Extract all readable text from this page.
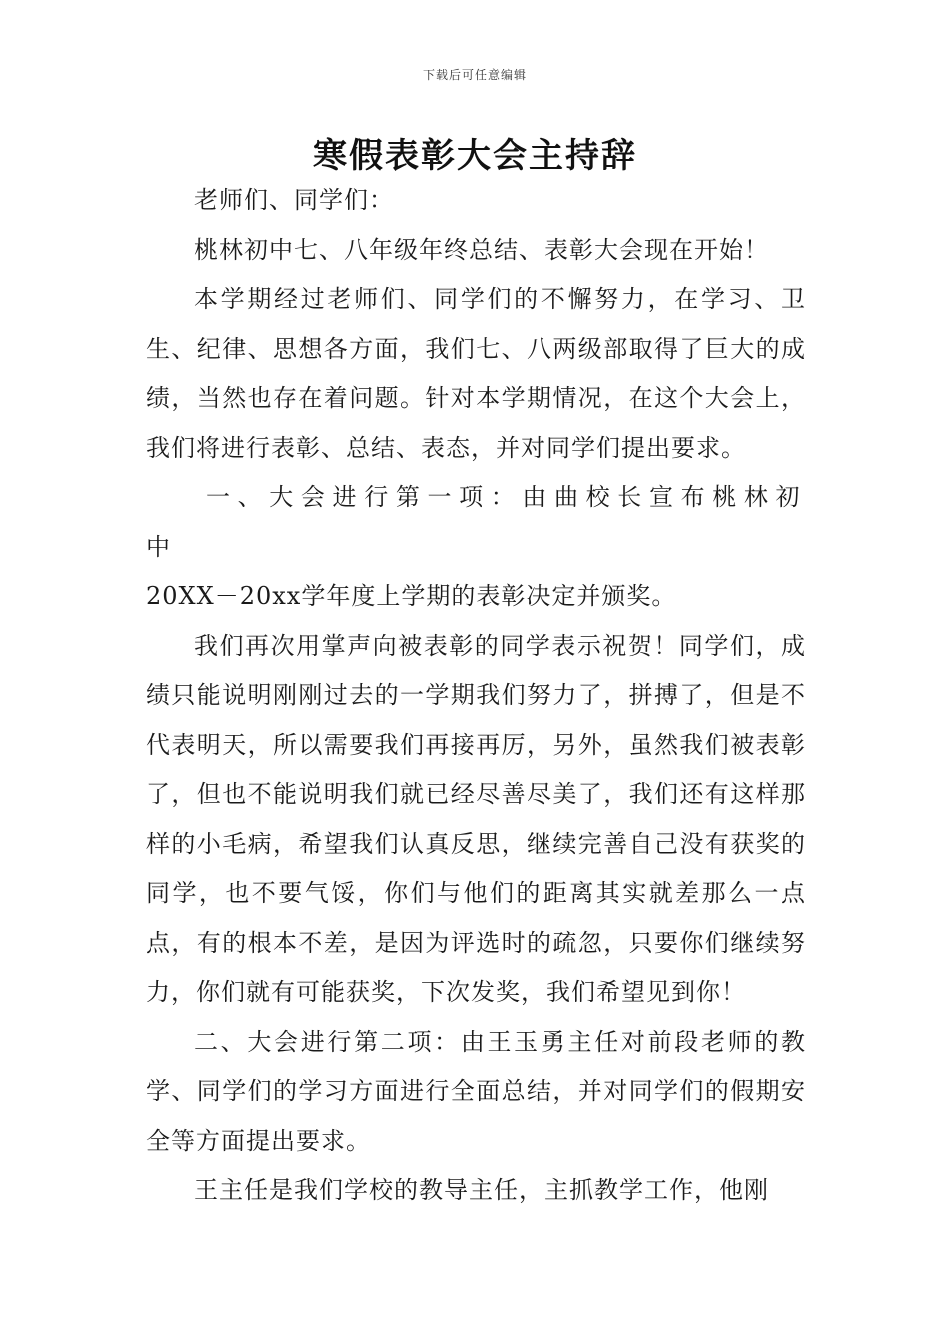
下载后可任意编辑
寒假表彰大会主持辞

老师们、同学们：

桃林初中七、八年级年终总结、表彰大会现在开始！

本学期经过老师们、同学们的不懈努力，在学习、卫生、纪律、思想各方面，我们七、八两级部取得了巨大的成绩，当然也存在着问题。针对本学期情况，在这个大会上，我们将进行表彰、总结、表态，并对同学们提出要求。

一、大会进行第一项：由曲校长宣布桃林初中

20XX－20xx学年度上学期的表彰决定并颁奖。

我们再次用掌声向被表彰的同学表示祝贺！同学们，成绩只能说明刚刚过去的一学期我们努力了，拼搏了，但是不代表明天，所以需要我们再接再厉，另外，虽然我们被表彰了，但也不能说明我们就已经尽善尽美了，我们还有这样那样的小毛病，希望我们认真反思，继续完善自己没有获奖的同学，也不要气馁，你们与他们的距离其实就差那么一点点，有的根本不差，是因为评选时的疏忽，只要你们继续努力，你们就有可能获奖，下次发奖，我们希望见到你！

二、大会进行第二项：由王玉勇主任对前段老师的教学、同学们的学习方面进行全面总结，并对同学们的假期安全等方面提出要求。

王主任是我们学校的教导主任，主抓教学工作，他刚
